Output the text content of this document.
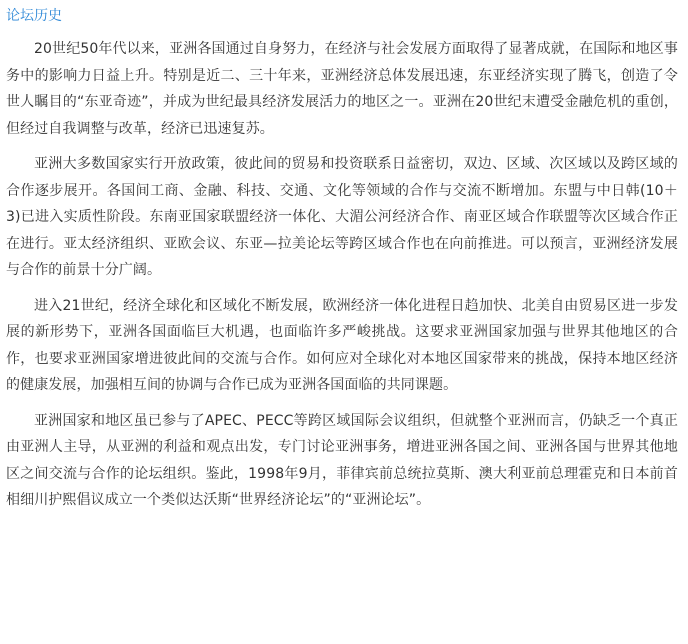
论坛历史

20世纪50年代以来，亚洲各国通过自身努力，在经济与社会发展方面取得了显著成就，在国际和地区事务中的影响力日益上升。特别是近二、三十年来，亚洲经济总体发展迅速，东亚经济实现了腾飞，创造了令世人瞩目的“东亚奇迹”，并成为世纪最具经济发展活力的地区之一。亚洲在20世纪末遭受金融危机的重创，但经过自我调整与改革，经济已迅速复苏。

亚洲大多数国家实行开放政策，彼此间的贸易和投资联系日益密切，双边、区域、次区域以及跨区域的合作逐步展开。各国间工商、金融、科技、交通、文化等领域的合作与交流不断增加。东盟与中日韩(10＋3)已进入实质性阶段。东南亚国家联盟经济一体化、大湄公河经济合作、南亚区域合作联盟等次区域合作正在进行。亚太经济组织、亚欧会议、东亚—拉美论坛等跨区域合作也在向前推进。可以预言，亚洲经济发展与合作的前景十分广阔。

进入21世纪，经济全球化和区域化不断发展，欧洲经济一体化进程日趋加快、北美自由贸易区进一步发展的新形势下，亚洲各国面临巨大机遇，也面临许多严峻挑战。这要求亚洲国家加强与世界其他地区的合作，也要求亚洲国家增进彼此间的交流与合作。如何应对全球化对本地区国家带来的挑战，保持本地区经济的健康发展，加强相互间的协调与合作已成为亚洲各国面临的共同课题。

亚洲国家和地区虽已参与了APEC、PECC等跨区域国际会议组织，但就整个亚洲而言，仍缺乏一个真正由亚洲人主导，从亚洲的利益和观点出发，专门讨论亚洲事务，增进亚洲各国之间、亚洲各国与世界其他地区之间交流与合作的论坛组织。鉴此，1998年9月，菲律宾前总统拉莫斯、澳大利亚前总理霍克和日本前首相细川护熙倡议成立一个类似达沃斯“世界经济论坛”的“亚洲论坛”。
